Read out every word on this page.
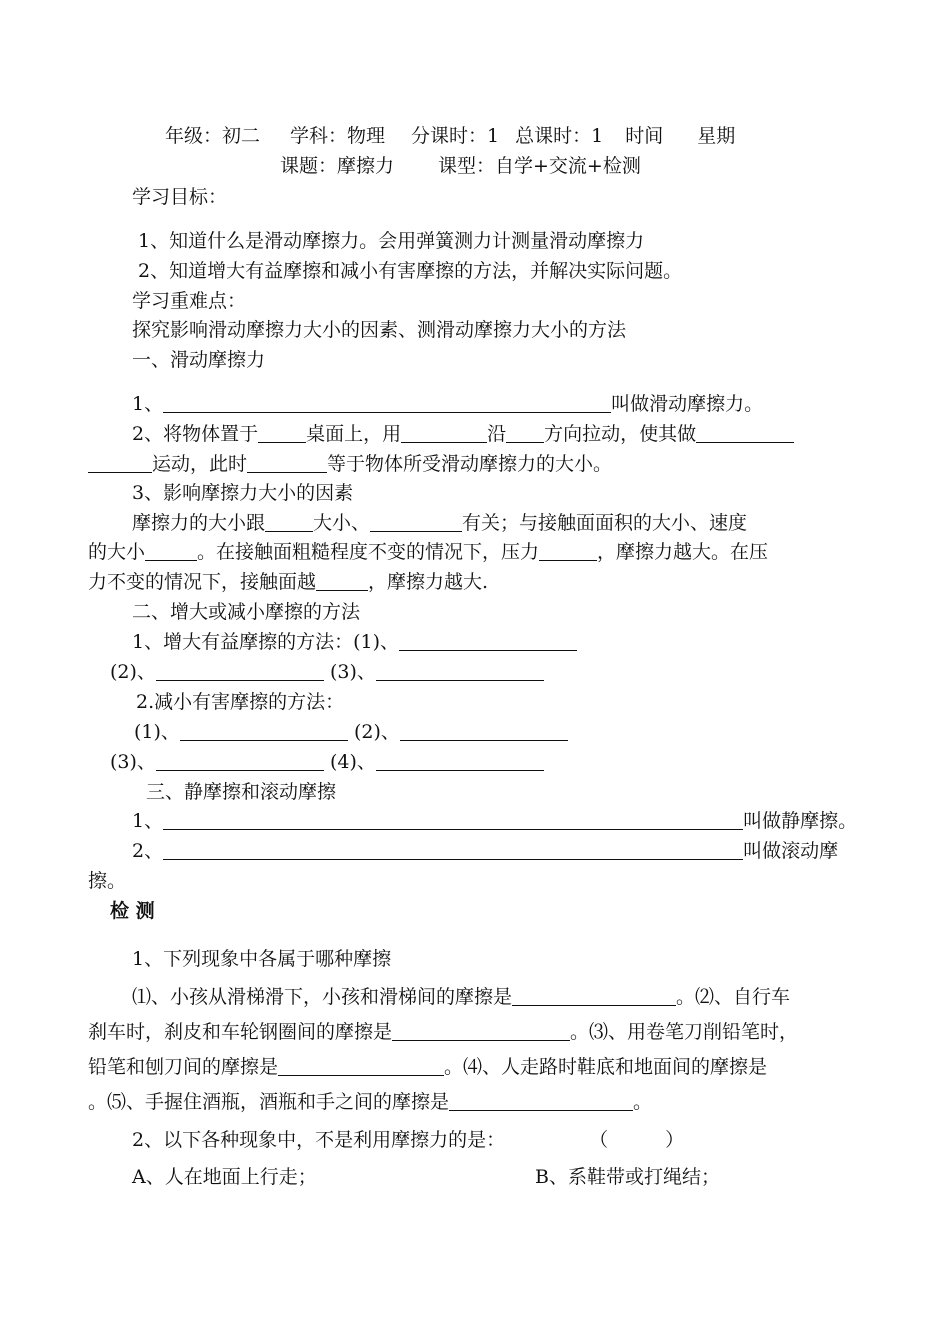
年级：初二 学科：物理 分课时：1 总课时：1 时间 星期
课题：摩擦力 课型：自学+交流+检测
学习目标：
1、知道什么是滑动摩擦力。会用弹簧测力计测量滑动摩擦力
2、知道增大有益摩擦和减小有害摩擦的方法，并解决实际问题。
学习重难点：
探究影响滑动摩擦力大小的因素、测滑动摩擦力大小的方法
一、滑动摩擦力
1、	叫做滑动摩擦力。
2、将物体置于	桌面上，用	沿 方向拉动，使其做
运动，此时	等于物体所受滑动摩擦力的大小。
3、影响摩擦力大小的因素
摩擦力的大小跟	大小、	有关；与接触面面积的大小、速度
的大小	。在接触面粗糙程度不变的情况下，压力	，摩擦力越大。在压
力不变的情况下，接触面越	，摩擦力越大.
二、增大或减小摩擦的方法
1、增大有益摩擦的方法：(1)、
(2)、	(3)、
2.减小有害摩擦的方法：
(1)、	(2)、
(3)、	(4)、
三、静摩擦和滚动摩擦
1、	叫做静摩擦。
2、	叫做滚动摩
擦。
检 测
1、下列现象中各属于哪种摩擦
⑴、小孩从滑梯滑下，小孩和滑梯间的摩擦是	。⑵、自行车
刹车时，刹皮和车轮钢圈间的摩擦是	。⑶、用卷笔刀削铅笔时，
铅笔和刨刀间的摩擦是	。⑷、人走路时鞋底和地面间的摩擦是
。⑸、手握住酒瓶，酒瓶和手之间的摩擦是	。
2、以下各种现象中，不是利用摩擦力的是：	（　　　）
A、人在地面上行走；	B、系鞋带或打绳结；
